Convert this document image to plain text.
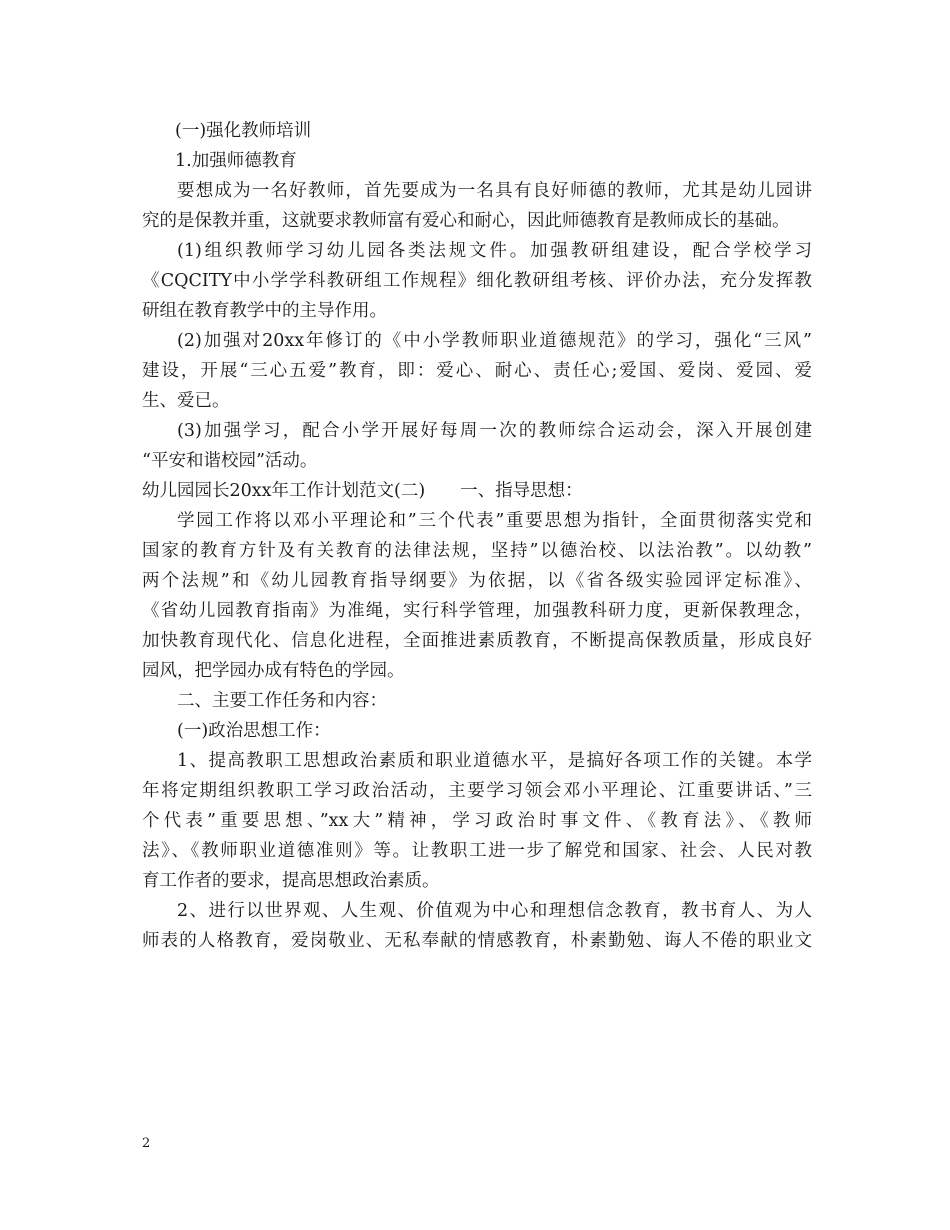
(一)强化教师培训
1.加强师德教育
要想成为一名好教师，首先要成为一名具有良好师德的教师，尤其是幼儿园讲
究的是保教并重，这就要求教师富有爱心和耐心，因此师德教育是教师成长的基础。
(1)组织教师学习幼儿园各类法规文件。加强教研组建设，配合学校学习
《CQCITY中小学学科教研组工作规程》细化教研组考核、评价办法，充分发挥教
研组在教育教学中的主导作用。
(2)加强对20xx年修订的《中小学教师职业道德规范》的学习，强化“三风”
建设，开展“三心五爱”教育，即：爱心、耐心、责任心;爱国、爱岗、爱园、爱
生、爱已。
(3)加强学习，配合小学开展好每周一次的教师综合运动会，深入开展创建
“平安和谐校园”活动。
幼儿园园长20xx年工作计划范文(二)　　一、指导思想：
学园工作将以邓小平理论和”三个代表”重要思想为指针，全面贯彻落实党和
国家的教育方针及有关教育的法律法规，坚持”以德治校、以法治教”。以幼教”
两个法规”和《幼儿园教育指导纲要》为依据，以《省各级实验园评定标准》、
《省幼儿园教育指南》为准绳，实行科学管理，加强教科研力度，更新保教理念，
加快教育现代化、信息化进程，全面推进素质教育，不断提高保教质量，形成良好
园风，把学园办成有特色的学园。
二、主要工作任务和内容：
(一)政治思想工作：
1、提高教职工思想政治素质和职业道德水平，是搞好各项工作的关键。本学
年将定期组织教职工学习政治活动，主要学习领会邓小平理论、江重要讲话、”三
个代表”重要思想、”xx大”精神，学习政治时事文件、《教育法》、《教师
法》、《教师职业道德准则》等。让教职工进一步了解党和国家、社会、人民对教
育工作者的要求，提高思想政治素质。
2、进行以世界观、人生观、价值观为中心和理想信念教育，教书育人、为人
师表的人格教育，爱岗敬业、无私奉献的情感教育，朴素勤勉、诲人不倦的职业文
2
